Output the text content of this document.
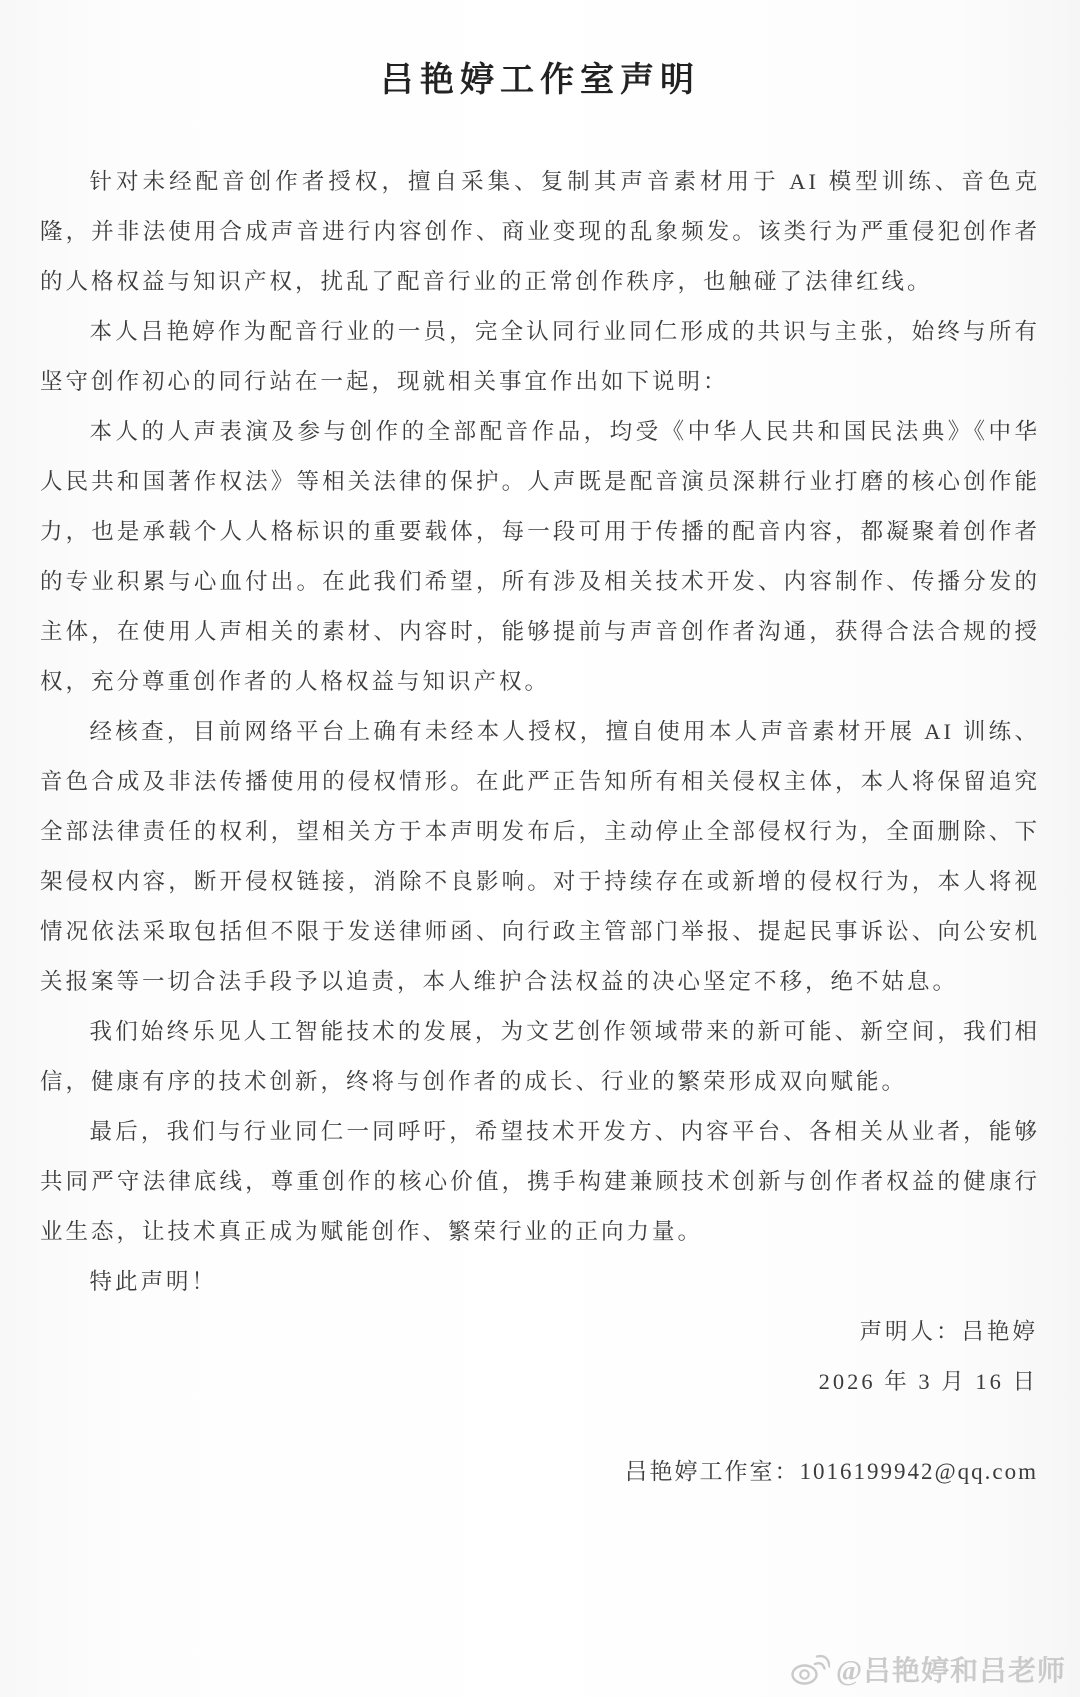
吕艳婷工作室声明

针对未经配音创作者授权，擅自采集、复制其声音素材用于 AI 模型训练、音色克隆，并非法使用合成声音进行内容创作、商业变现的乱象频发。该类行为严重侵犯创作者的人格权益与知识产权，扰乱了配音行业的正常创作秩序，也触碰了法律红线。

本人吕艳婷作为配音行业的一员，完全认同行业同仁形成的共识与主张，始终与所有坚守创作初心的同行站在一起，现就相关事宜作出如下说明：

本人的人声表演及参与创作的全部配音作品，均受《中华人民共和国民法典》《中华人民共和国著作权法》等相关法律的保护。人声既是配音演员深耕行业打磨的核心创作能力，也是承载个人人格标识的重要载体，每一段可用于传播的配音内容，都凝聚着创作者的专业积累与心血付出。在此我们希望，所有涉及相关技术开发、内容制作、传播分发的主体，在使用人声相关的素材、内容时，能够提前与声音创作者沟通，获得合法合规的授权，充分尊重创作者的人格权益与知识产权。

经核查，目前网络平台上确有未经本人授权，擅自使用本人声音素材开展 AI 训练、音色合成及非法传播使用的侵权情形。在此严正告知所有相关侵权主体，本人将保留追究全部法律责任的权利，望相关方于本声明发布后，主动停止全部侵权行为，全面删除、下架侵权内容，断开侵权链接，消除不良影响。对于持续存在或新增的侵权行为，本人将视情况依法采取包括但不限于发送律师函、向行政主管部门举报、提起民事诉讼、向公安机关报案等一切合法手段予以追责，本人维护合法权益的决心坚定不移，绝不姑息。

我们始终乐见人工智能技术的发展，为文艺创作领域带来的新可能、新空间，我们相信，健康有序的技术创新，终将与创作者的成长、行业的繁荣形成双向赋能。

最后，我们与行业同仁一同呼吁，希望技术开发方、内容平台、各相关从业者，能够共同严守法律底线，尊重创作的核心价值，携手构建兼顾技术创新与创作者权益的健康行业生态，让技术真正成为赋能创作、繁荣行业的正向力量。

特此声明！

声明人：吕艳婷

2026 年 3 月 16 日

吕艳婷工作室：1016199942@qq.com

@吕艳婷和吕老师
